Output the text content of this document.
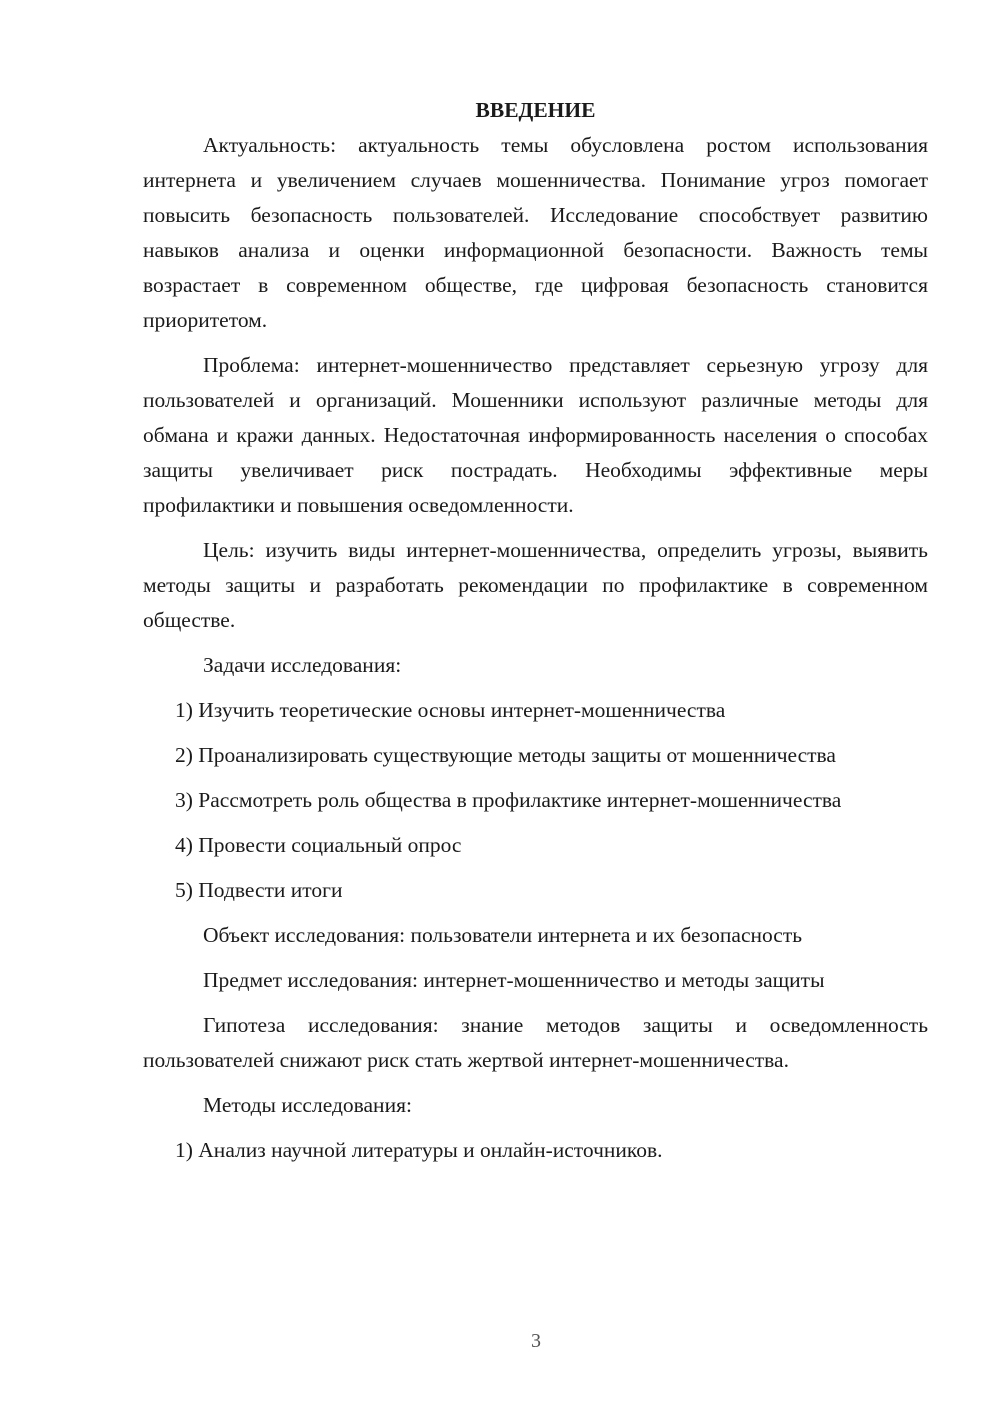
ВВЕДЕНИЕ

Актуальность: актуальность темы обусловлена ростом использования интернета и увеличением случаев мошенничества. Понимание угроз помогает повысить безопасность пользователей. Исследование способствует развитию навыков анализа и оценки информационной безопасности. Важность темы возрастает в современном обществе, где цифровая безопасность становится приоритетом.

Проблема: интернет-мошенничество представляет серьезную угрозу для пользователей и организаций. Мошенники используют различные методы для обмана и кражи данных. Недостаточная информированность населения о способах защиты увеличивает риск пострадать. Необходимы эффективные меры профилактики и повышения осведомленности.

Цель: изучить виды интернет-мошенничества, определить угрозы, выявить методы защиты и разработать рекомендации по профилактике в современном обществе.

Задачи исследования:

1) Изучить теоретические основы интернет-мошенничества

2) Проанализировать существующие методы защиты от мошенничества

3) Рассмотреть роль общества в профилактике интернет-мошенничества

4) Провести социальный опрос

5) Подвести итоги

Объект исследования: пользователи интернета и их безопасность

Предмет исследования: интернет-мошенничество и методы защиты

Гипотеза исследования: знание методов защиты и осведомленность пользователей снижают риск стать жертвой интернет-мошенничества.

Методы исследования:

1) Анализ научной литературы и онлайн-источников.

3
